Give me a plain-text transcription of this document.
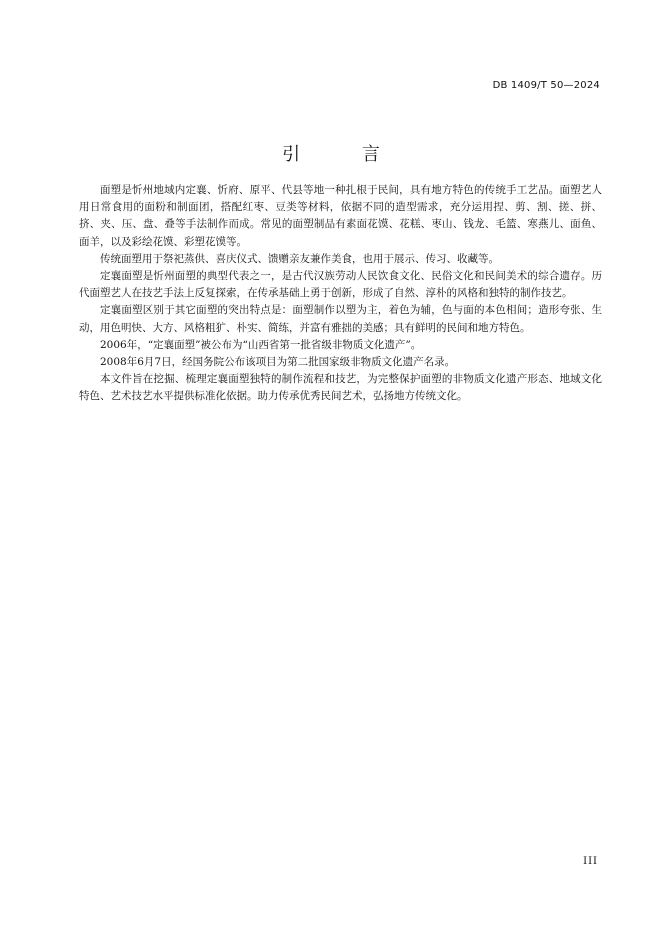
DB 1409/T 50—2024

引 言

面塑是忻州地域内定襄、忻府、原平、代县等地一种扎根于民间，具有地方特色的传统手工艺品。面塑艺人用日常食用的面粉和制面团，搭配红枣、豆类等材料，依据不同的造型需求，充分运用捏、剪、割、搓、拼、挤、夹、压、盘、叠等手法制作而成。常见的面塑制品有素面花馍、花糕、枣山、钱龙、毛篮、寒燕儿、面鱼、面羊，以及彩绘花馍、彩塑花馍等。

传统面塑用于祭祀蒸供、喜庆仪式、馈赠亲友兼作美食，也用于展示、传习、收藏等。

定襄面塑是忻州面塑的典型代表之一，是古代汉族劳动人民饮食文化、民俗文化和民间美术的综合遗存。历代面塑艺人在技艺手法上反复探索，在传承基础上勇于创新，形成了自然、淳朴的风格和独特的制作技艺。

定襄面塑区别于其它面塑的突出特点是：面塑制作以塑为主，着色为辅，色与面的本色相间；造形夸张、生动，用色明快、大方、风格粗犷、朴实、简练，并富有雅拙的美感；具有鲜明的民间和地方特色。

2006年，“定襄面塑”被公布为“山西省第一批省级非物质文化遗产”。

2008年6月7日，经国务院公布该项目为第二批国家级非物质文化遗产名录。

本文件旨在挖掘、梳理定襄面塑独特的制作流程和技艺，为完整保护面塑的非物质文化遗产形态、地域文化特色、艺术技艺水平提供标准化依据。助力传承优秀民间艺术，弘扬地方传统文化。

III
